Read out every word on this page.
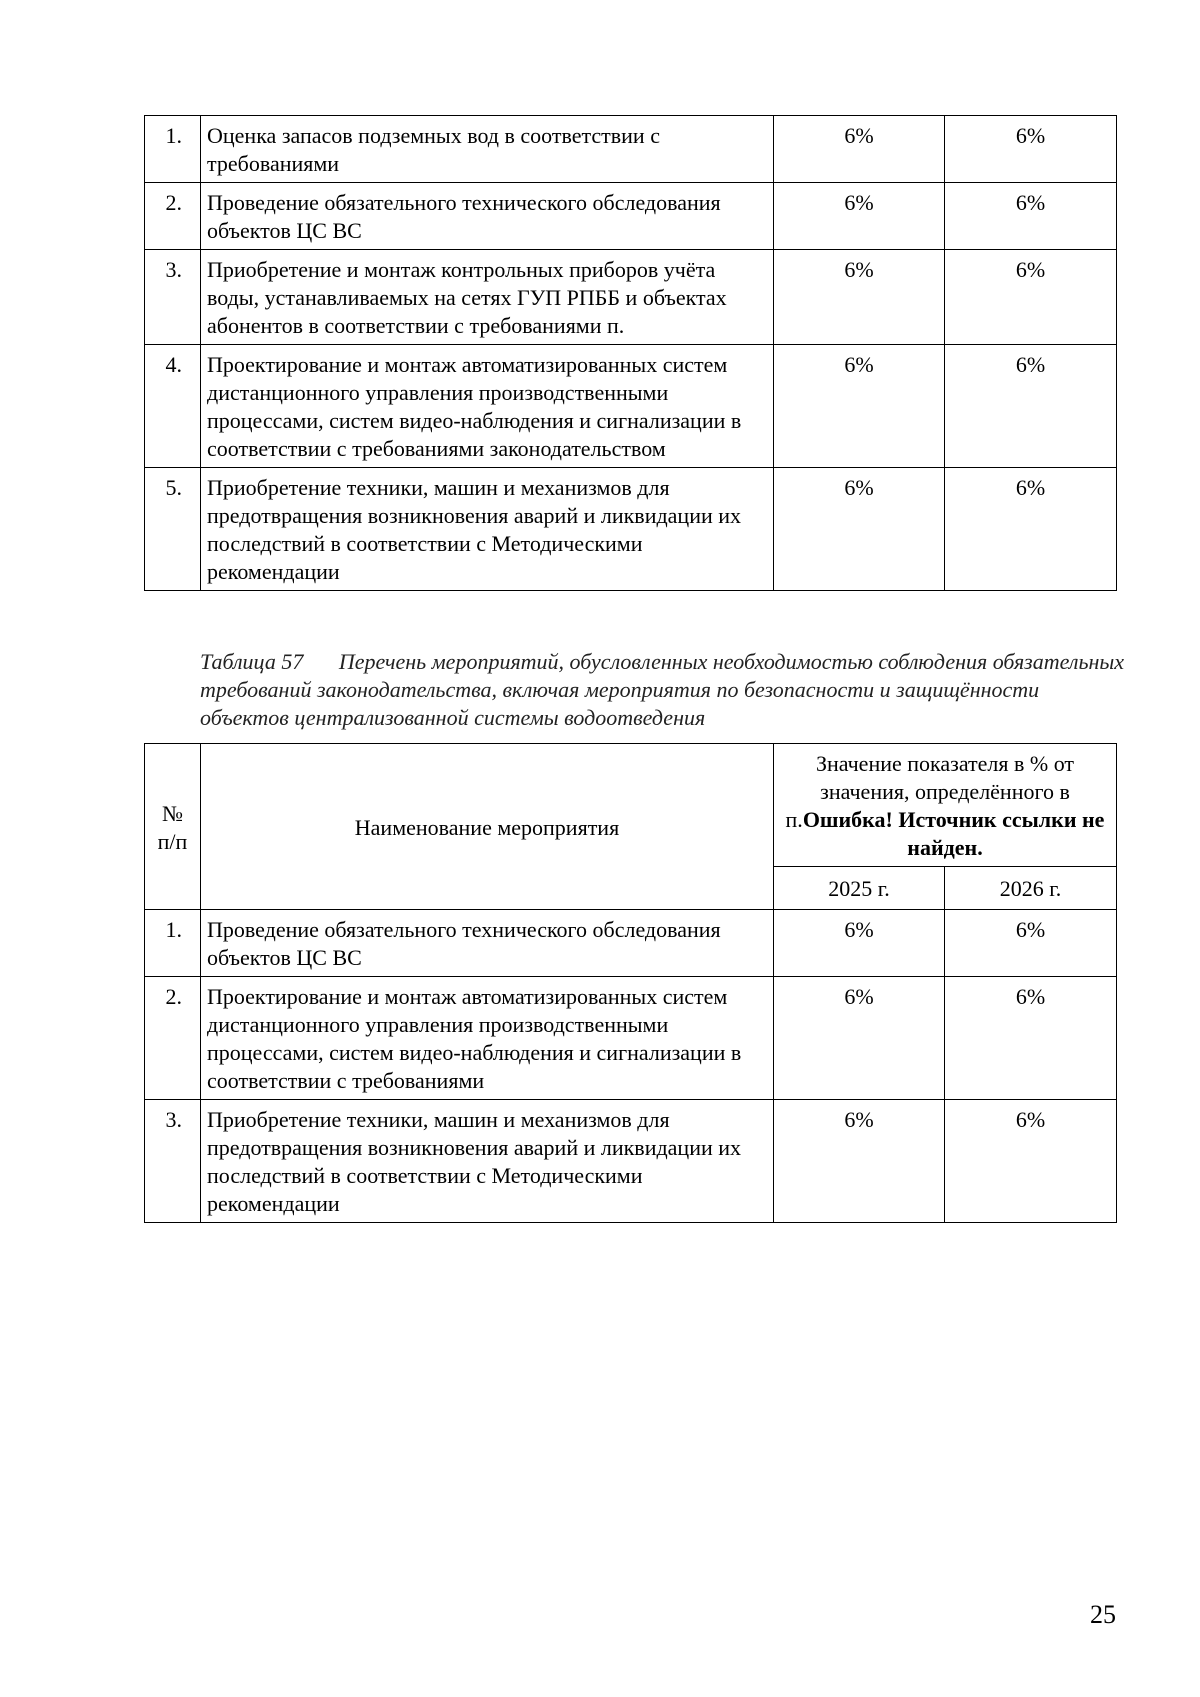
1.	Оценка запасов подземных вод в соответствии с требованиями	6%	6%
2.	Проведение обязательного технического обследования объектов ЦС ВС	6%	6%
3.	Приобретение и монтаж контрольных приборов учёта воды, устанавливаемых на сетях ГУП РПББ и объектах абонентов в соответствии с требованиями п.	6%	6%
4.	Проектирование и монтаж автоматизированных систем дистанционного управления производственными процессами, систем видео-наблюдения и сигнализации в соответствии с требованиями законодательством	6%	6%
5.	Приобретение техники, машин и механизмов для предотвращения возникновения аварий и ликвидации их последствий в соответствии с Методическими рекомендации	6%	6%
Таблица 57 Перечень мероприятий, обусловленных необходимостью соблюдения обязательных требований законодательства, включая мероприятия по безопасности и защищённости объектов централизованной системы водоотведения
№ п/п	Наименование мероприятия	Значение показателя в % от значения, определённого в п.Ошибка! Источник ссылки не найден.	
		2025 г.	2026 г.
1.	Проведение обязательного технического обследования объектов ЦС ВС	6%	6%
2.	Проектирование и монтаж автоматизированных систем дистанционного управления производственными процессами, систем видео-наблюдения и сигнализации в соответствии с требованиями	6%	6%
3.	Приобретение техники, машин и механизмов для предотвращения возникновения аварий и ликвидации их последствий в соответствии с Методическими рекомендации	6%	6%
25
